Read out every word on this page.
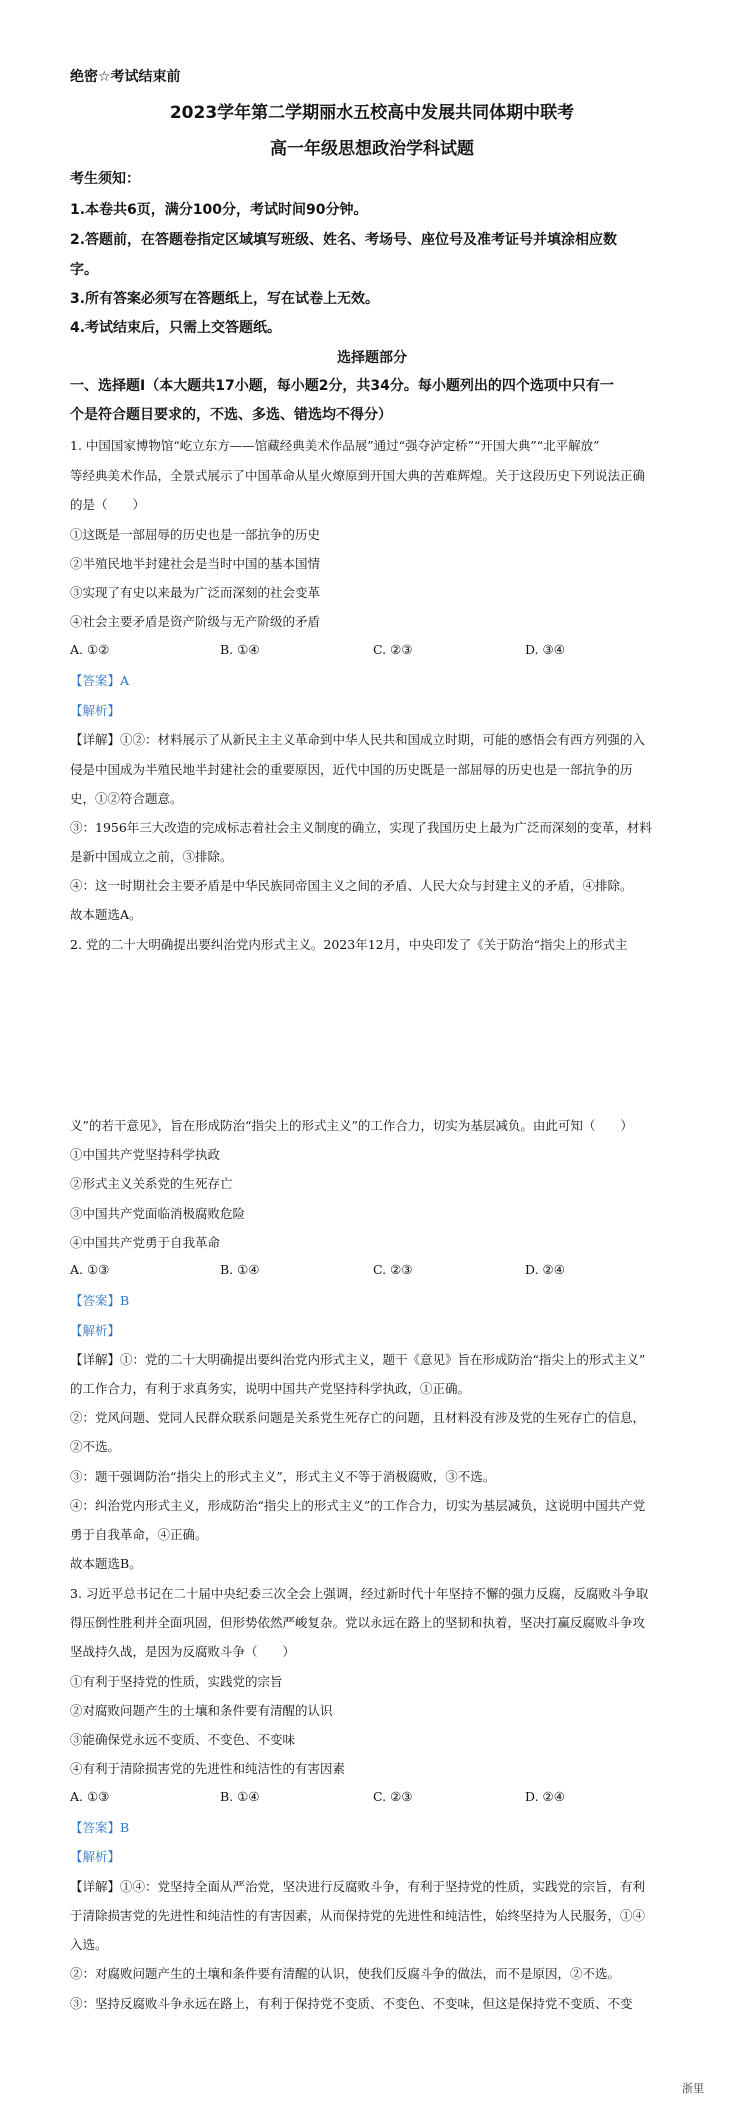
绝密☆考试结束前
2023学年第二学期丽水五校高中发展共同体期中联考
高一年级思想政治学科试题
考生须知：
1.本卷共6页，满分100分，考试时间90分钟。
2.答题前，在答题卷指定区域填写班级、姓名、考场号、座位号及准考证号并填涂相应数
字。
3.所有答案必须写在答题纸上，写在试卷上无效。
4.考试结束后，只需上交答题纸。
选择题部分
一、选择题Ⅰ（本大题共17小题，每小题2分，共34分。每小题列出的四个选项中只有一
个是符合题目要求的，不选、多选、错选均不得分）
1. 中国国家博物馆“屹立东方——馆藏经典美术作品展”通过“强夺泸定桥”“开国大典”“北平解放”
等经典美术作品，全景式展示了中国革命从星火燎原到开国大典的苦难辉煌。关于这段历史下列说法正确
的是（　　）
①这既是一部屈辱的历史也是一部抗争的历史
②半殖民地半封建社会是当时中国的基本国情
③实现了有史以来最为广泛而深刻的社会变革
④社会主要矛盾是资产阶级与无产阶级的矛盾
A. ①②	B. ①④	C. ②③	D. ③④
【答案】A
【解析】
【详解】①②：材料展示了从新民主主义革命到中华人民共和国成立时期，可能的感悟会有西方列强的入
侵是中国成为半殖民地半封建社会的重要原因，近代中国的历史既是一部屈辱的历史也是一部抗争的历
史，①②符合题意。
③：1956年三大改造的完成标志着社会主义制度的确立，实现了我国历史上最为广泛而深刻的变革，材料
是新中国成立之前，③排除。
④：这一时期社会主要矛盾是中华民族同帝国主义之间的矛盾、人民大众与封建主义的矛盾，④排除。
故本题选A。
2. 党的二十大明确提出要纠治党内形式主义。2023年12月，中央印发了《关于防治“指尖上的形式主
义”的若干意见》，旨在形成防治“指尖上的形式主义”的工作合力，切实为基层减负。由此可知（　　）
①中国共产党坚持科学执政
②形式主义关系党的生死存亡
③中国共产党面临消极腐败危险
④中国共产党勇于自我革命
A. ①③	B. ①④	C. ②③	D. ②④
【答案】B
【解析】
【详解】①：党的二十大明确提出要纠治党内形式主义，题干《意见》旨在形成防治“指尖上的形式主义”
的工作合力，有利于求真务实，说明中国共产党坚持科学执政，①正确。
②：党风问题、党同人民群众联系问题是关系党生死存亡的问题，且材料没有涉及党的生死存亡的信息，
②不选。
③：题干强调防治“指尖上的形式主义”，形式主义不等于消极腐败，③不选。
④：纠治党内形式主义，形成防治“指尖上的形式主义”的工作合力，切实为基层减负，这说明中国共产党
勇于自我革命，④正确。
故本题选B。
3. 习近平总书记在二十届中央纪委三次全会上强调，经过新时代十年坚持不懈的强力反腐，反腐败斗争取
得压倒性胜利并全面巩固，但形势依然严峻复杂。党以永远在路上的坚韧和执着，坚决打赢反腐败斗争攻
坚战持久战，是因为反腐败斗争（　　）
①有利于坚持党的性质，实践党的宗旨
②对腐败问题产生的土壤和条件要有清醒的认识
③能确保党永远不变质、不变色、不变味
④有利于清除损害党的先进性和纯洁性的有害因素
A. ①③	B. ①④	C. ②③	D. ②④
【答案】B
【解析】
【详解】①④：党坚持全面从严治党，坚决进行反腐败斗争，有利于坚持党的性质，实践党的宗旨，有利
于清除损害党的先进性和纯洁性的有害因素，从而保持党的先进性和纯洁性，始终坚持为人民服务，①④
入选。
②：对腐败问题产生的土壤和条件要有清醒的认识，使我们反腐斗争的做法，而不是原因，②不选。
③：坚持反腐败斗争永远在路上，有利于保持党不变质、不变色、不变味，但这是保持党不变质、不变
浙里
